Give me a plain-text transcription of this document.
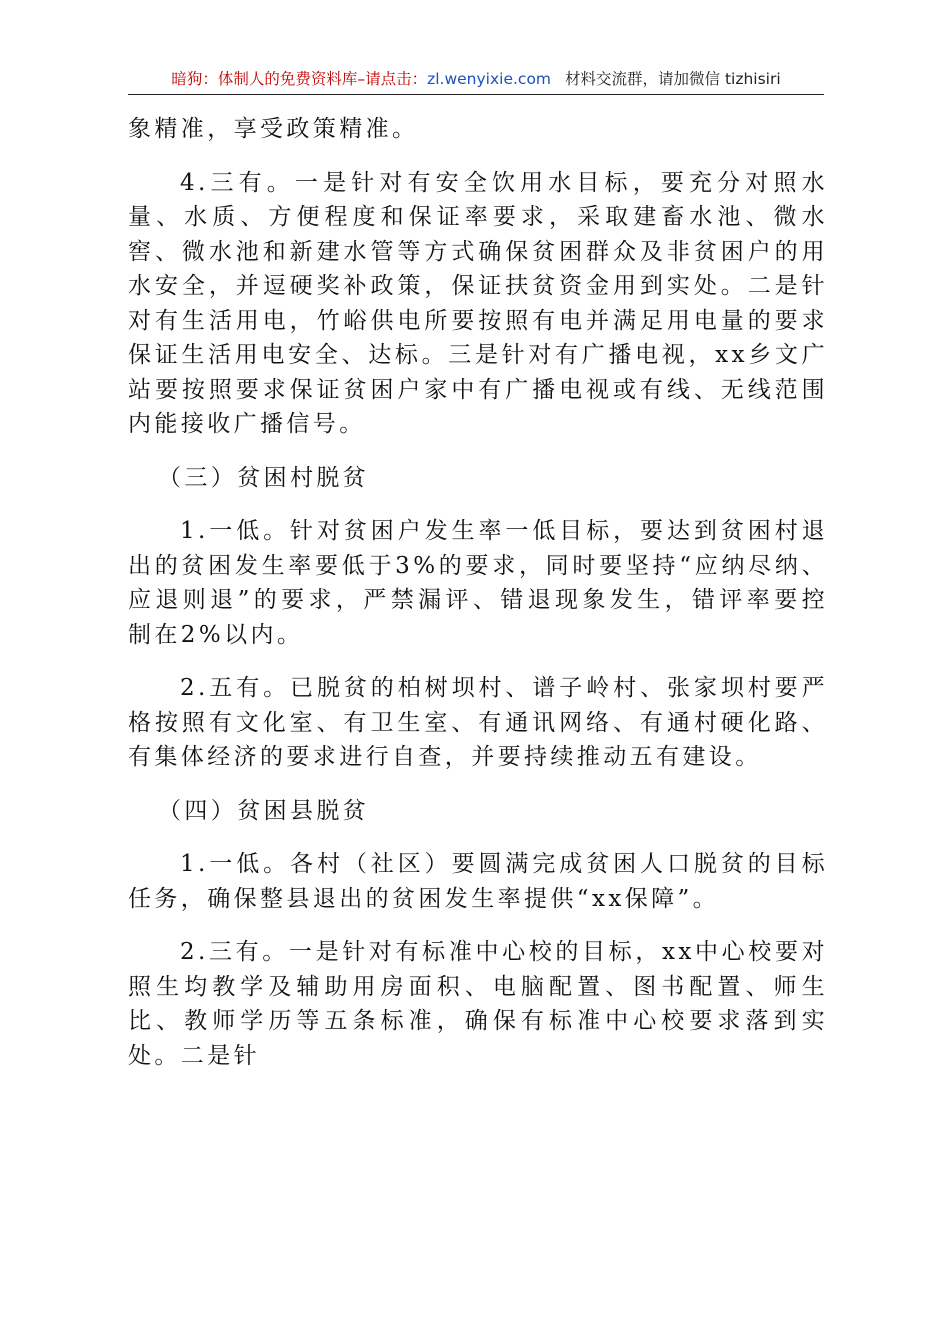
暗狗：体制人的免费资料库–请点击：zl.wenyixie.com 材料交流群，请加微信 tizhisiri

象精准，享受政策精准。

4.三有。一是针对有安全饮用水目标，要充分对照水量、水质、方便程度和保证率要求，采取建畜水池、微水窖、微水池和新建水管等方式确保贫困群众及非贫困户的用水安全，并逗硬奖补政策，保证扶贫资金用到实处。二是针对有生活用电，竹峪供电所要按照有电并满足用电量的要求保证生活用电安全、达标。三是针对有广播电视，xx乡文广站要按照要求保证贫困户家中有广播电视或有线、无线范围内能接收广播信号。

（三）贫困村脱贫

1.一低。针对贫困户发生率一低目标，要达到贫困村退出的贫困发生率要低于3%的要求，同时要坚持“应纳尽纳、应退则退”的要求，严禁漏评、错退现象发生，错评率要控制在2%以内。

2.五有。已脱贫的柏树坝村、谱子岭村、张家坝村要严格按照有文化室、有卫生室、有通讯网络、有通村硬化路、有集体经济的要求进行自查，并要持续推动五有建设。

（四）贫困县脱贫

1.一低。各村（社区）要圆满完成贫困人口脱贫的目标任务，确保整县退出的贫困发生率提供“xx保障”。

2.三有。一是针对有标准中心校的目标，xx中心校要对照生均教学及辅助用房面积、电脑配置、图书配置、师生比、教师学历等五条标准，确保有标准中心校要求落到实处。二是针
